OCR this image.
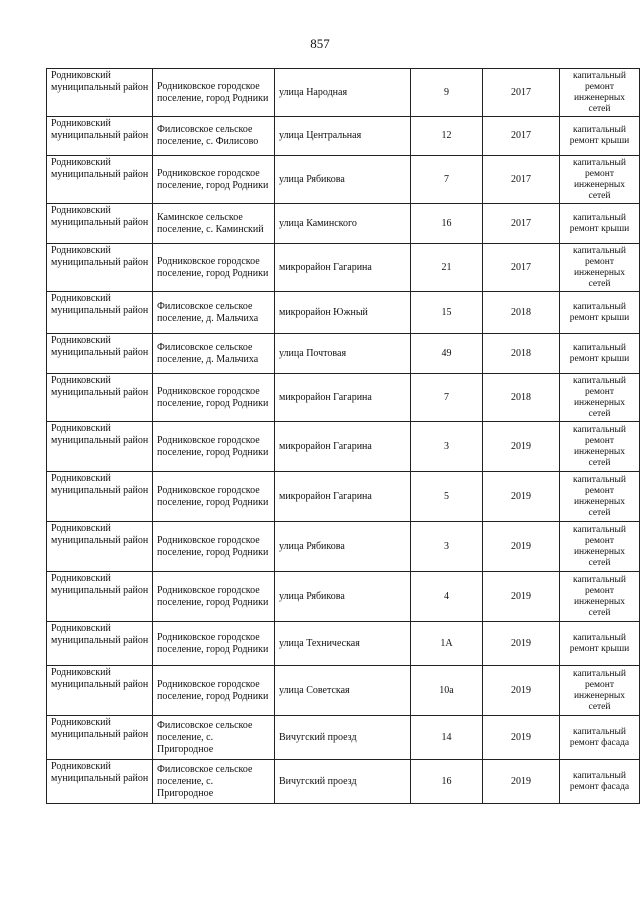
857
Родниковский муниципальный район	Родниковское городское поселение, город Родники	улица Народная	9	2017	капитальный ремонт инженерных сетей
Родниковский муниципальный район	Филисовское сельское поселение, с. Филисово	улица Центральная	12	2017	капитальный ремонт крыши
Родниковский муниципальный район	Родниковское городское поселение, город Родники	улица Рябикова	7	2017	капитальный ремонт инженерных сетей
Родниковский муниципальный район	Каминское сельское поселение, с. Каминский	улица Каминского	16	2017	капитальный ремонт крыши
Родниковский муниципальный район	Родниковское городское поселение, город Родники	микрорайон Гагарина	21	2017	капитальный ремонт инженерных сетей
Родниковский муниципальный район	Филисовское сельское поселение, д. Мальчиха	микрорайон Южный	15	2018	капитальный ремонт крыши
Родниковский муниципальный район	Филисовское сельское поселение, д. Мальчиха	улица Почтовая	49	2018	капитальный ремонт крыши
Родниковский муниципальный район	Родниковское городское поселение, город Родники	микрорайон Гагарина	7	2018	капитальный ремонт инженерных сетей
Родниковский муниципальный район	Родниковское городское поселение, город Родники	микрорайон Гагарина	3	2019	капитальный ремонт инженерных сетей
Родниковский муниципальный район	Родниковское городское поселение, город Родники	микрорайон Гагарина	5	2019	капитальный ремонт инженерных сетей
Родниковский муниципальный район	Родниковское городское поселение, город Родники	улица Рябикова	3	2019	капитальный ремонт инженерных сетей
Родниковский муниципальный район	Родниковское городское поселение, город Родники	улица Рябикова	4	2019	капитальный ремонт инженерных сетей
Родниковский муниципальный район	Родниковское городское поселение, город Родники	улица Техническая	1А	2019	капитальный ремонт крыши
Родниковский муниципальный район	Родниковское городское поселение, город Родники	улица Советская	10а	2019	капитальный ремонт инженерных сетей
Родниковский муниципальный район	Филисовское сельское поселение, с. Пригородное	Вичугский проезд	14	2019	капитальный ремонт фасада
Родниковский муниципальный район	Филисовское сельское поселение, с. Пригородное	Вичугский проезд	16	2019	капитальный ремонт фасада
